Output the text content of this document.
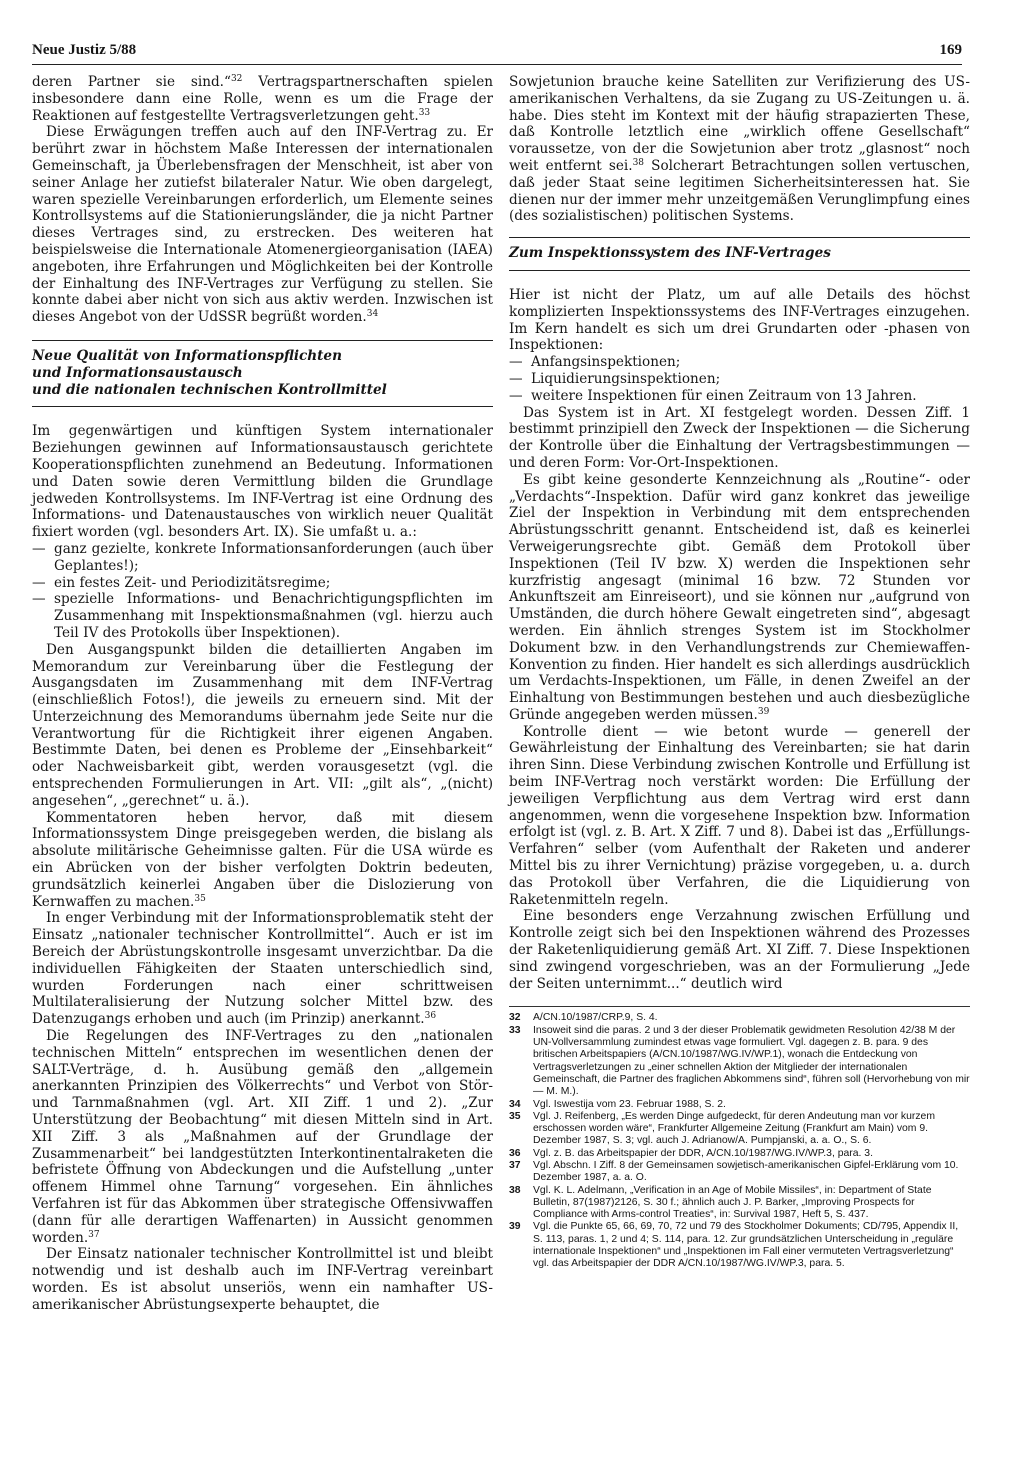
Neue Justiz 5/88	169

deren Partner sie sind.“$^{32}$ Vertragspartnerschaften spielen insbesondere dann eine Rolle, wenn es um die Frage der Reaktionen auf festgestellte Vertragsverletzungen geht.$^{33}$

Diese Erwägungen treffen auch auf den INF-Vertrag zu. Er berührt zwar in höchstem Maße Interessen der internationalen Gemeinschaft, ja Überlebensfragen der Menschheit, ist aber von seiner Anlage her zutiefst bilateraler Natur. Wie oben dargelegt, waren spezielle Vereinbarungen erforderlich, um Elemente seines Kontrollsystems auf die Stationierungsländer, die ja nicht Partner dieses Vertrages sind, zu erstrecken. Des weiteren hat beispielsweise die Internationale Atomenergieorganisation (IAEA) angeboten, ihre Erfahrungen und Möglichkeiten bei der Kontrolle der Einhaltung des INF-Vertrages zur Verfügung zu stellen. Sie konnte dabei aber nicht von sich aus aktiv werden. Inzwischen ist dieses Angebot von der UdSSR begrüßt worden.$^{34}$

Neue Qualität von Informationspflichten
und Informationsaustausch
und die nationalen technischen Kontrollmittel

Im gegenwärtigen und künftigen System internationaler Beziehungen gewinnen auf Informationsaustausch gerichtete Kooperationspflichten zunehmend an Bedeutung. Informationen und Daten sowie deren Vermittlung bilden die Grundlage jedweden Kontrollsystems. Im INF-Vertrag ist eine Ordnung des Informations- und Datenaustausches von wirklich neuer Qualität fixiert worden (vgl. besonders Art. IX). Sie umfaßt u. a.:

— ganz gezielte, konkrete Informationsanforderungen (auch über Geplantes!);
— ein festes Zeit- und Periodizitätsregime;
— spezielle Informations- und Benachrichtigungspflichten im Zusammenhang mit Inspektionsmaßnahmen (vgl. hierzu auch Teil IV des Protokolls über Inspektionen).

Den Ausgangspunkt bilden die detaillierten Angaben im Memorandum zur Vereinbarung über die Festlegung der Ausgangsdaten im Zusammenhang mit dem INF-Vertrag (einschließlich Fotos!), die jeweils zu erneuern sind. Mit der Unterzeichnung des Memorandums übernahm jede Seite nur die Verantwortung für die Richtigkeit ihrer eigenen Angaben. Bestimmte Daten, bei denen es Probleme der „Einsehbarkeit“ oder Nachweisbarkeit gibt, werden vorausgesetzt (vgl. die entsprechenden Formulierungen in Art. VII: „gilt als“, „(nicht) angesehen“, „gerechnet“ u. ä.).

Kommentatoren heben hervor, daß mit diesem Informationssystem Dinge preisgegeben werden, die bislang als absolute militärische Geheimnisse galten. Für die USA würde es ein Abrücken von der bisher verfolgten Doktrin bedeuten, grundsätzlich keinerlei Angaben über die Dislozierung von Kernwaffen zu machen.$^{35}$

In enger Verbindung mit der Informationsproblematik steht der Einsatz „nationaler technischer Kontrollmittel“. Auch er ist im Bereich der Abrüstungskontrolle insgesamt unverzichtbar. Da die individuellen Fähigkeiten der Staaten unterschiedlich sind, wurden Forderungen nach einer schrittweisen Multilateralisierung der Nutzung solcher Mittel bzw. des Datenzugangs erhoben und auch (im Prinzip) anerkannt.$^{36}$

Die Regelungen des INF-Vertrages zu den „nationalen technischen Mitteln“ entsprechen im wesentlichen denen der SALT-Verträge, d. h. Ausübung gemäß den „allgemein anerkannten Prinzipien des Völkerrechts“ und Verbot von Stör- und Tarnmaßnahmen (vgl. Art. XII Ziff. 1 und 2). „Zur Unterstützung der Beobachtung“ mit diesen Mitteln sind in Art. XII Ziff. 3 als „Maßnahmen auf der Grundlage der Zusammenarbeit“ bei landgestützten Interkontinentalraketen die befristete Öffnung von Abdeckungen und die Aufstellung „unter offenem Himmel ohne Tarnung“ vorgesehen. Ein ähnliches Verfahren ist für das Abkommen über strategische Offensivwaffen (dann für alle derartigen Waffenarten) in Aussicht genommen worden.$^{37}$

Der Einsatz nationaler technischer Kontrollmittel ist und bleibt notwendig und ist deshalb auch im INF-Vertrag vereinbart worden. Es ist absolut unseriös, wenn ein namhafter US-amerikanischer Abrüstungsexperte behauptet, die

Sowjetunion brauche keine Satelliten zur Verifizierung des US-amerikanischen Verhaltens, da sie Zugang zu US-Zeitungen u. ä. habe. Dies steht im Kontext mit der häufig strapazierten These, daß Kontrolle letztlich eine „wirklich offene Gesellschaft“ voraussetze, von der die Sowjetunion aber trotz „glasnost“ noch weit entfernt sei.$^{38}$ Solcherart Betrachtungen sollen vertuschen, daß jeder Staat seine legitimen Sicherheitsinteressen hat. Sie dienen nur der immer mehr unzeitgemäßen Verunglimpfung eines (des sozialistischen) politischen Systems.

Zum Inspektionssystem des INF-Vertrages

Hier ist nicht der Platz, um auf alle Details des höchst komplizierten Inspektionssystems des INF-Vertrages einzugehen. Im Kern handelt es sich um drei Grundarten oder -phasen von Inspektionen:

— Anfangsinspektionen;
— Liquidierungsinspektionen;
— weitere Inspektionen für einen Zeitraum von 13 Jahren.

Das System ist in Art. XI festgelegt worden. Dessen Ziff. 1 bestimmt prinzipiell den Zweck der Inspektionen — die Sicherung der Kontrolle über die Einhaltung der Vertragsbestimmungen — und deren Form: Vor-Ort-Inspektionen.

Es gibt keine gesonderte Kennzeichnung als „Routine“- oder „Verdachts“-Inspektion. Dafür wird ganz konkret das jeweilige Ziel der Inspektion in Verbindung mit dem entsprechenden Abrüstungsschritt genannt. Entscheidend ist, daß es keinerlei Verweigerungsrechte gibt. Gemäß dem Protokoll über Inspektionen (Teil IV bzw. X) werden die Inspektionen sehr kurzfristig angesagt (minimal 16 bzw. 72 Stunden vor Ankunftszeit am Einreiseort), und sie können nur „aufgrund von Umständen, die durch höhere Gewalt eingetreten sind“, abgesagt werden. Ein ähnlich strenges System ist im Stockholmer Dokument bzw. in den Verhandlungstrends zur Chemiewaffen-Konvention zu finden. Hier handelt es sich allerdings ausdrücklich um Verdachts-Inspektionen, um Fälle, in denen Zweifel an der Einhaltung von Bestimmungen bestehen und auch diesbezügliche Gründe angegeben werden müssen.$^{39}$

Kontrolle dient — wie betont wurde — generell der Gewährleistung der Einhaltung des Vereinbarten; sie hat darin ihren Sinn. Diese Verbindung zwischen Kontrolle und Erfüllung ist beim INF-Vertrag noch verstärkt worden: Die Erfüllung der jeweiligen Verpflichtung aus dem Vertrag wird erst dann angenommen, wenn die vorgesehene Inspektion bzw. Information erfolgt ist (vgl. z. B. Art. X Ziff. 7 und 8). Dabei ist das „Erfüllungs-Verfahren“ selber (vom Aufenthalt der Raketen und anderer Mittel bis zu ihrer Vernichtung) präzise vorgegeben, u. a. durch das Protokoll über Verfahren, die die Liquidierung von Raketenmitteln regeln.

Eine besonders enge Verzahnung zwischen Erfüllung und Kontrolle zeigt sich bei den Inspektionen während des Prozesses der Raketenliquidierung gemäß Art. XI Ziff. 7. Diese Inspektionen sind zwingend vorgeschrieben, was an der Formulierung „Jede der Seiten unternimmt...“ deutlich wird

32	A/CN.10/1987/CRP.9, S. 4.
33	Insoweit sind die paras. 2 und 3 der dieser Problematik gewidmeten Resolution 42/38 M der UN-Vollversammlung zumindest etwas vage formuliert. Vgl. dagegen z. B. para. 9 des britischen Arbeitspapiers (A/CN.10/1987/WG.IV/WP.1), wonach die Entdeckung von Vertragsverletzungen zu „einer schnellen Aktion der Mitglieder der internationalen Gemeinschaft, die Partner des fraglichen Abkommens sind“, führen soll (Hervorhebung von mir — M. M.).
34	Vgl. Iswestija vom 23. Februar 1988, S. 2.
35	Vgl. J. Reifenberg, „Es werden Dinge aufgedeckt, für deren Andeutung man vor kurzem erschossen worden wäre“, Frankfurter Allgemeine Zeitung (Frankfurt am Main) vom 9. Dezember 1987, S. 3; vgl. auch J. Adrianow/A. Pumpjanski, a. a. O., S. 6.
36	Vgl. z. B. das Arbeitspapier der DDR, A/CN.10/1987/WG.IV/WP.3, para. 3.
37	Vgl. Abschn. I Ziff. 8 der Gemeinsamen sowjetisch-amerikanischen Gipfel-Erklärung vom 10. Dezember 1987, a. a. O.
38	Vgl. K. L. Adelmann, „Verification in an Age of Mobile Missiles“, in: Department of State Bulletin, 87(1987)2126, S. 30 f.; ähnlich auch J. P. Barker, „Improving Prospects for Compliance with Arms-control Treaties“, in: Survival 1987, Heft 5, S. 437.
39	Vgl. die Punkte 65, 66, 69, 70, 72 und 79 des Stockholmer Dokuments; CD/795, Appendix II, S. 113, paras. 1, 2 und 4; S. 114, para. 12. Zur grundsätzlichen Unterscheidung in „reguläre internationale Inspektionen“ und „Inspektionen im Fall einer vermuteten Vertragsverletzung“ vgl. das Arbeitspapier der DDR A/CN.10/1987/WG.IV/WP.3, para. 5.
